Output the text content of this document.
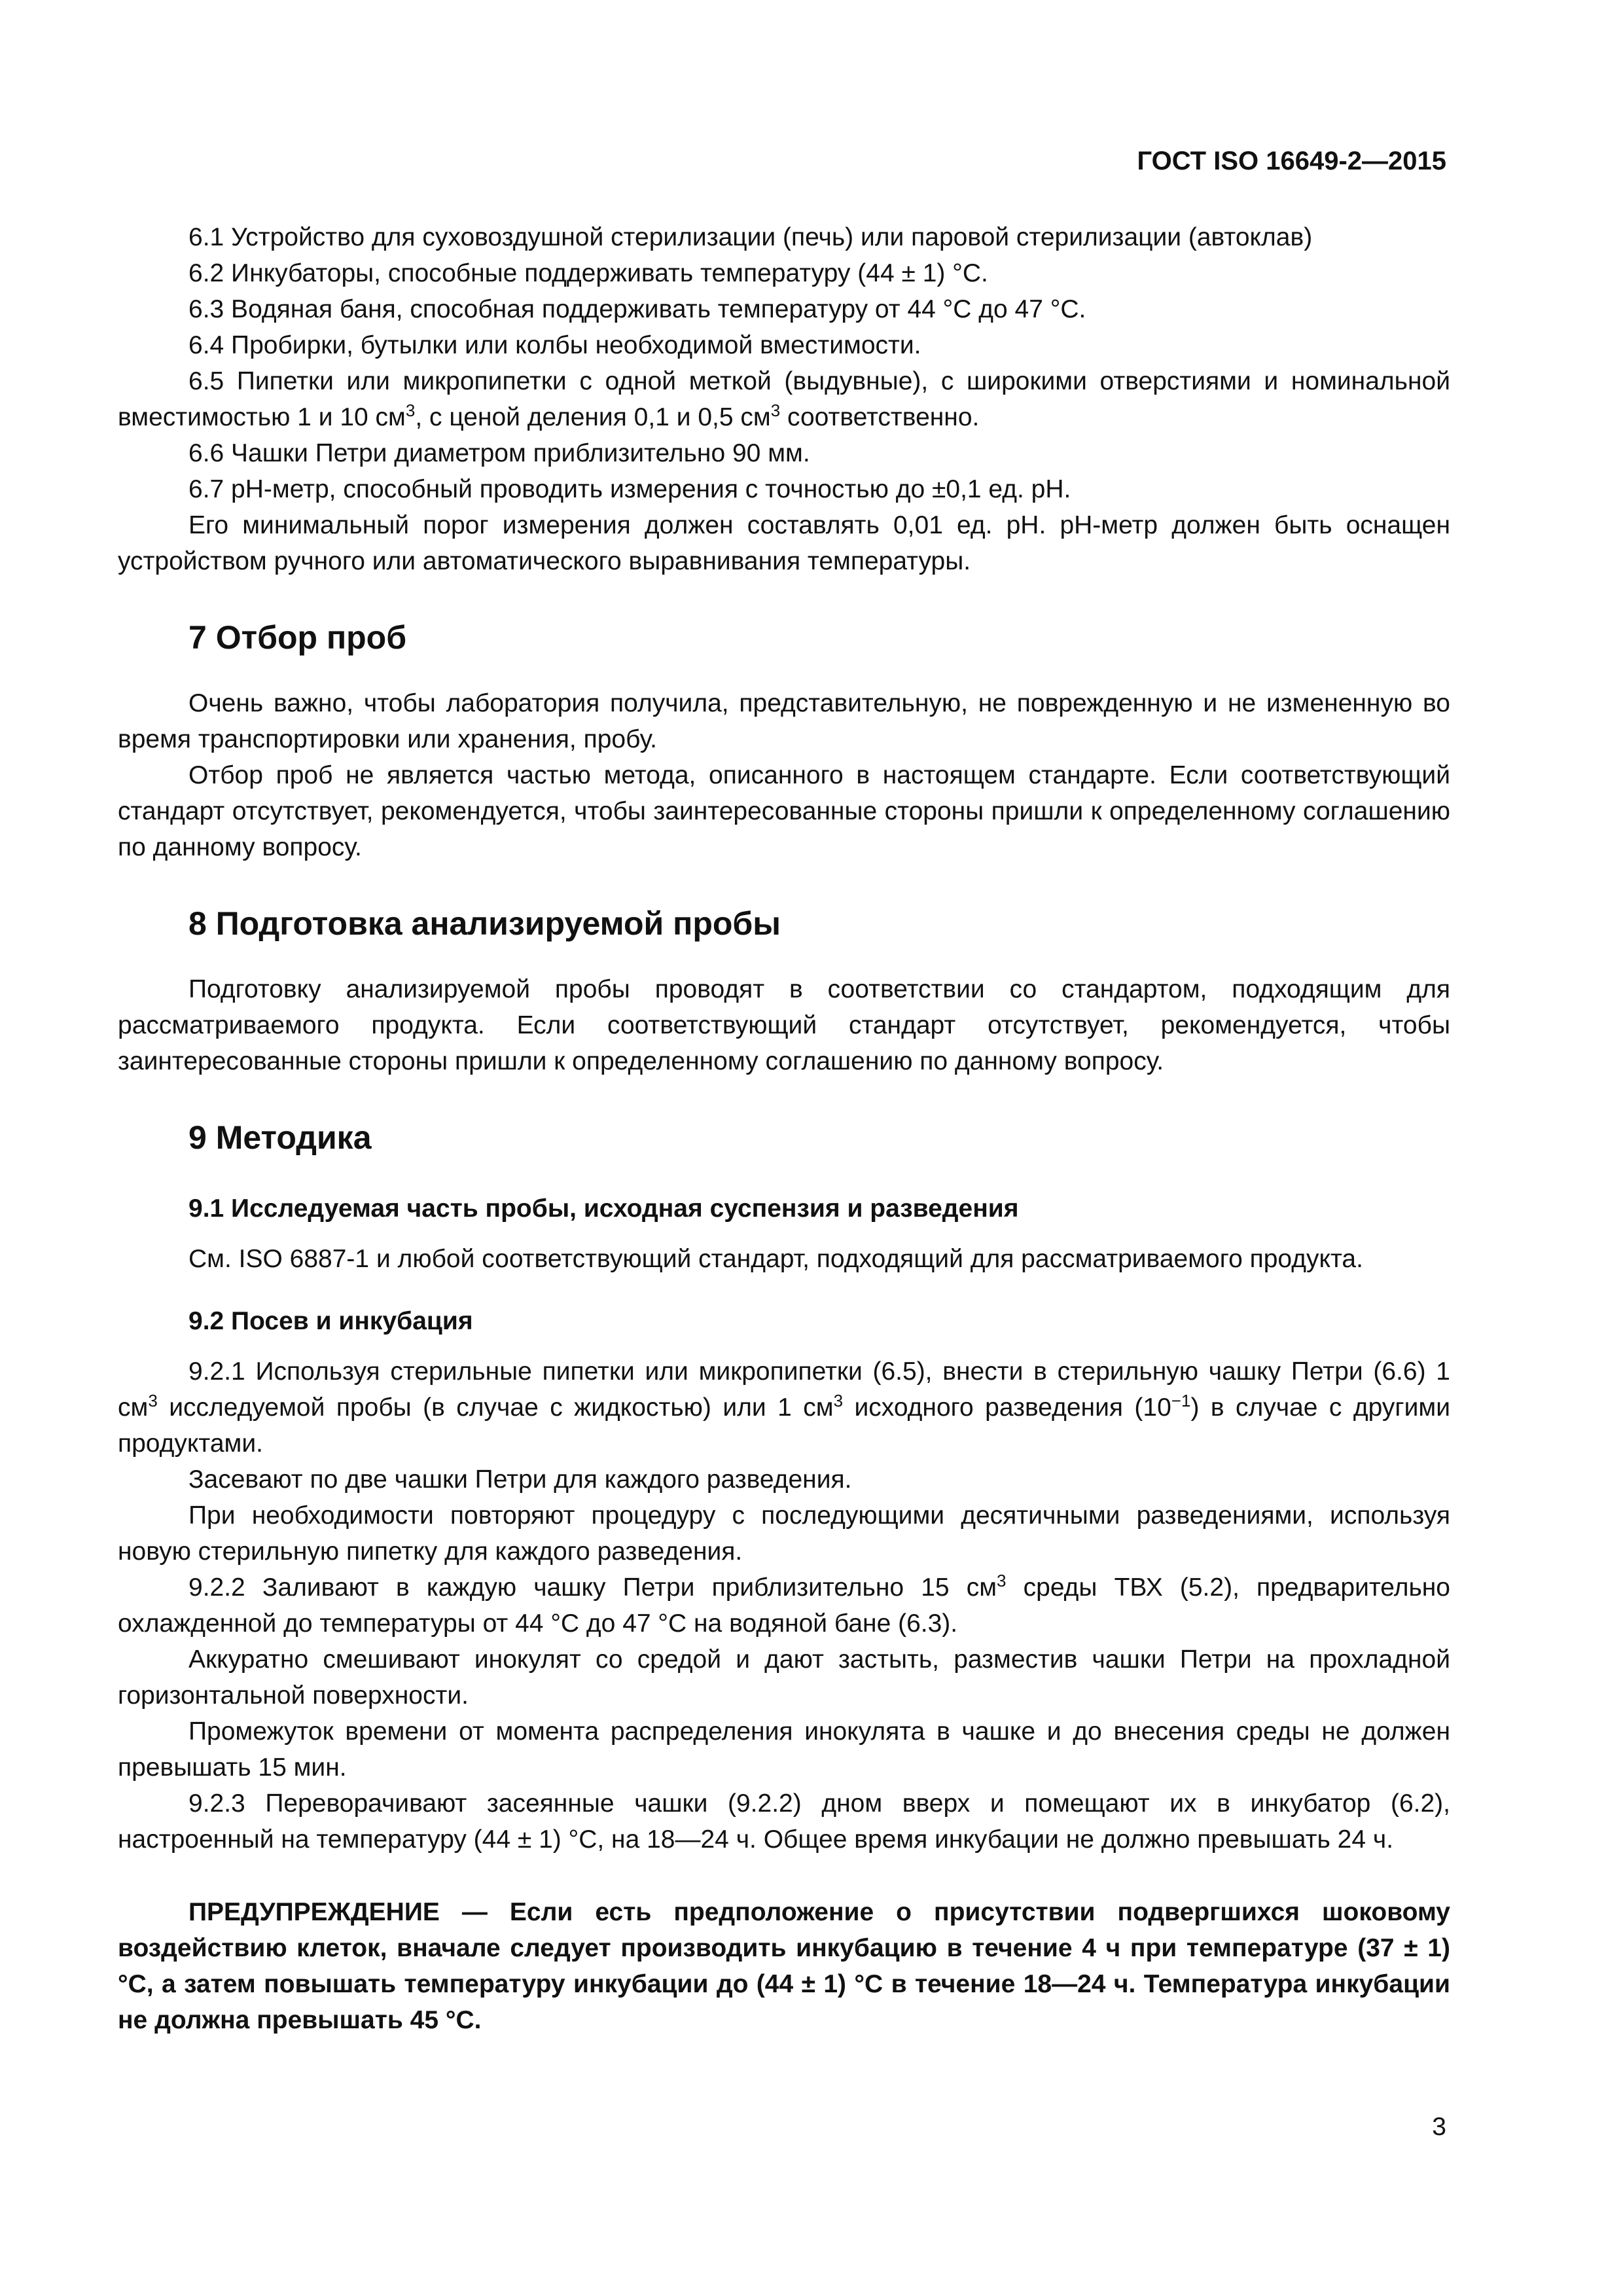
ГОСТ ISO 16649-2—2015

6.1 Устройство для суховоздушной стерилизации (печь) или паровой стерилизации (автоклав)

6.2 Инкубаторы, способные поддерживать температуру (44 ± 1) °С.

6.3 Водяная баня, способная поддерживать температуру от 44 °С до 47 °С.

6.4 Пробирки, бутылки или колбы необходимой вместимости.

6.5 Пипетки или микропипетки с одной меткой (выдувные), с широкими отверстиями и номинальной вместимостью 1 и 10 $см^3$, с ценой деления 0,1 и 0,5 $см^3$ соответственно.

6.6 Чашки Петри диаметром приблизительно 90 мм.

6.7 pH-метр, способный проводить измерения с точностью до ±0,1 ед. рН.

Его минимальный порог измерения должен составлять 0,01 ед. рН. pH-метр должен быть оснащен устройством ручного или автоматического выравнивания температуры.

7 Отбор проб

Очень важно, чтобы лаборатория получила, представительную, не поврежденную и не измененную во время транспортировки или хранения, пробу.

Отбор проб не является частью метода, описанного в настоящем стандарте. Если соответствующий стандарт отсутствует, рекомендуется, чтобы заинтересованные стороны пришли к определенному соглашению по данному вопросу.

8 Подготовка анализируемой пробы

Подготовку анализируемой пробы проводят в соответствии со стандартом, подходящим для рассматриваемого продукта. Если соответствующий стандарт отсутствует, рекомендуется, чтобы заинтересованные стороны пришли к определенному соглашению по данному вопросу.

9 Методика
9.1 Исследуемая часть пробы, исходная суспензия и разведения

См. ISO 6887-1 и любой соответствующий стандарт, подходящий для рассматриваемого продукта.

9.2 Посев и инкубация

9.2.1 Используя стерильные пипетки или микропипетки (6.5), внести в стерильную чашку Петри (6.6) 1 $см^3$ исследуемой пробы (в случае с жидкостью) или 1 $см^3$ исходного разведения $(10^{-1})$ в случае с другими продуктами.

Засевают по две чашки Петри для каждого разведения.

При необходимости повторяют процедуру с последующими десятичными разведениями, используя новую стерильную пипетку для каждого разведения.

9.2.2 Заливают в каждую чашку Петри приблизительно 15 $см^3$ среды ТВХ (5.2), предварительно охлажденной до температуры от 44 °С до 47 °С на водяной бане (6.3).

Аккуратно смешивают инокулят со средой и дают застыть, разместив чашки Петри на прохладной горизонтальной поверхности.

Промежуток времени от момента распределения инокулята в чашке и до внесения среды не должен превышать 15 мин.

9.2.3 Переворачивают засеянные чашки (9.2.2) дном вверх и помещают их в инкубатор (6.2), настроенный на температуру (44 ± 1) °С, на 18—24 ч. Общее время инкубации не должно превышать 24 ч.

ПРЕДУПРЕЖДЕНИЕ — Если есть предположение о присутствии подвергшихся шоковому воздействию клеток, вначале следует производить инкубацию в течение 4 ч при температуре (37 ± 1) °С, а затем повышать температуру инкубации до (44 ± 1) °С в течение 18—24 ч. Температура инкубации не должна превышать 45 °С.

3
